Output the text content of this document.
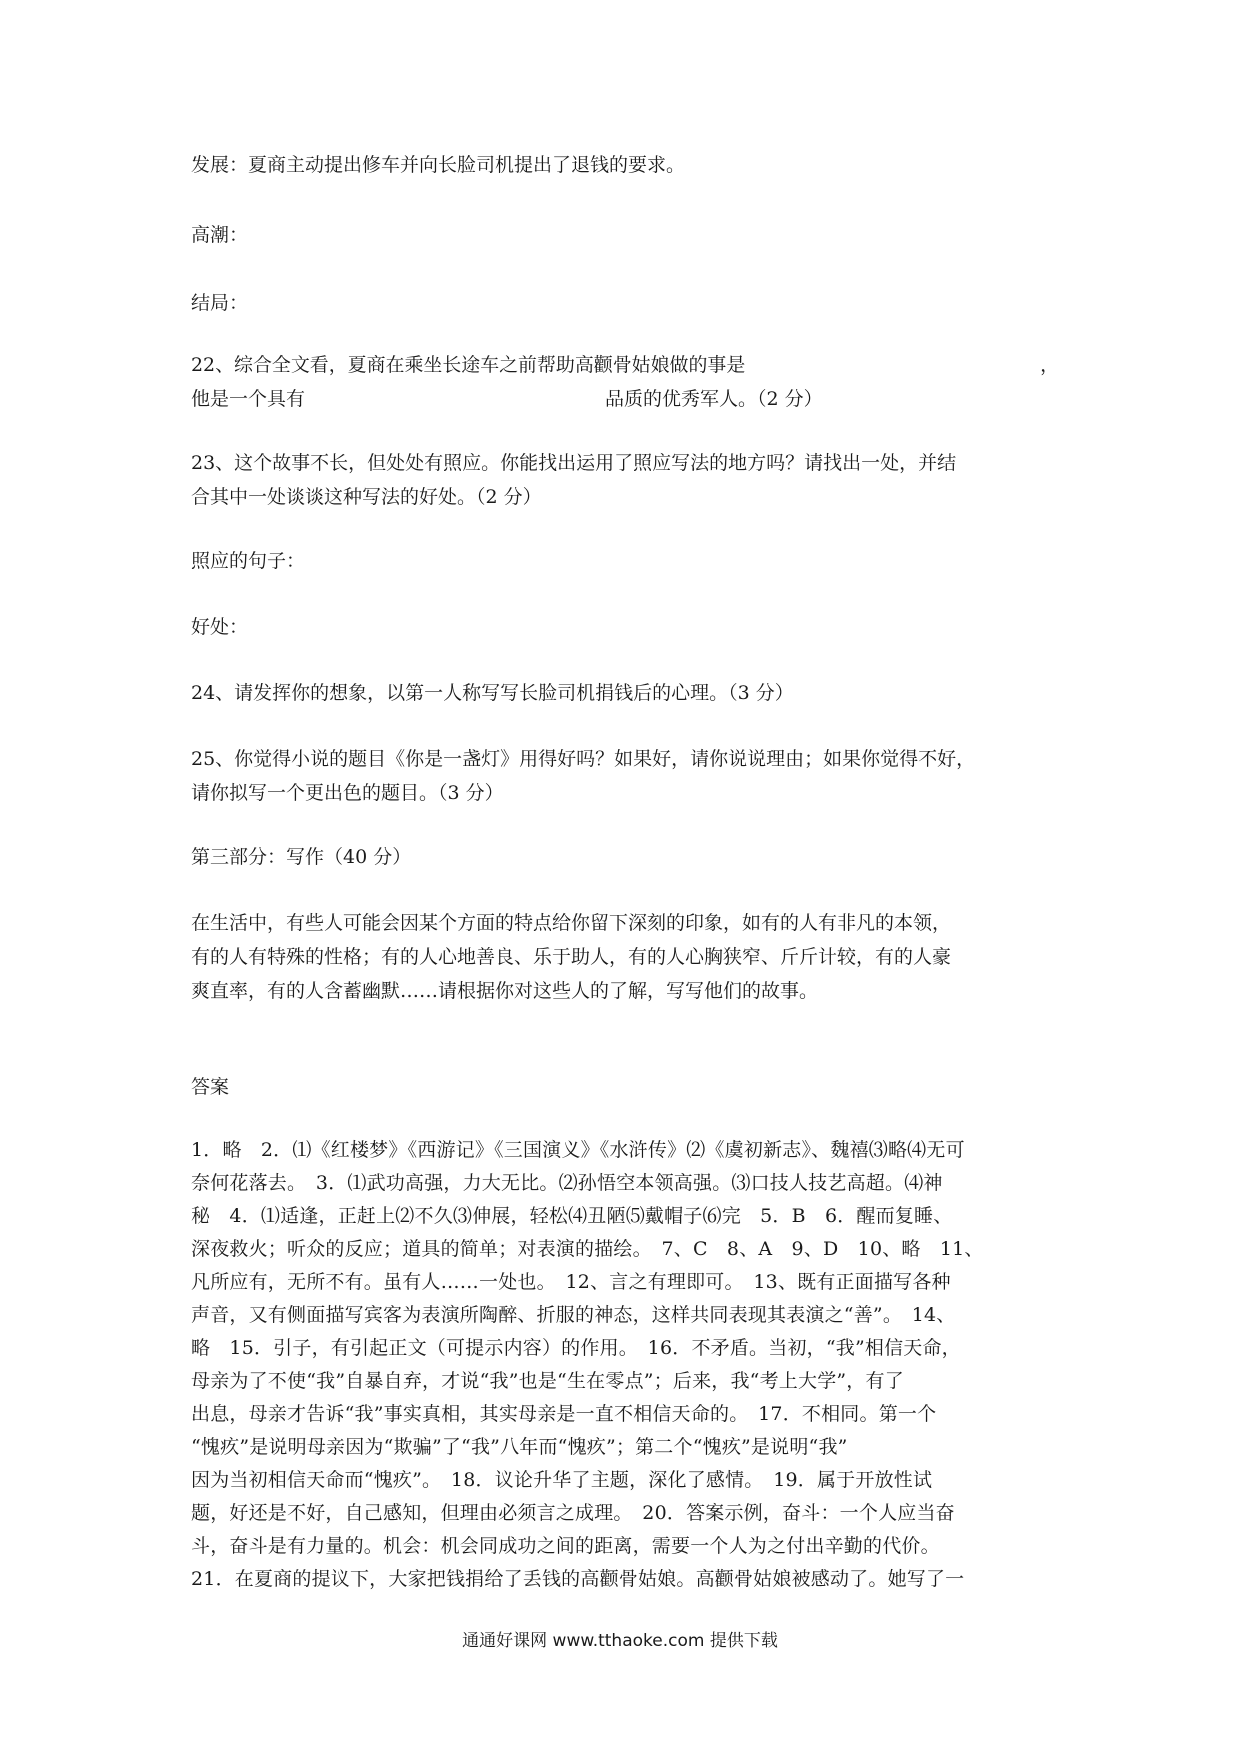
发展：夏商主动提出修车并向长脸司机提出了退钱的要求。
高潮：
结局：
22、综合全文看，夏商在乘坐长途车之前帮助高颧骨姑娘做的事是	，
他是一个具有	品质的优秀军人。（2 分）
23、这个故事不长，但处处有照应。你能找出运用了照应写法的地方吗？请找出一处，并结
合其中一处谈谈这种写法的好处。（2 分）
照应的句子：
好处：
24、请发挥你的想象，以第一人称写写长脸司机捐钱后的心理。（3 分）
25、你觉得小说的题目《你是一盏灯》用得好吗？如果好，请你说说理由；如果你觉得不好，
请你拟写一个更出色的题目。（3 分）
第三部分：写作（40 分）
在生活中，有些人可能会因某个方面的特点给你留下深刻的印象，如有的人有非凡的本领，
有的人有特殊的性格；有的人心地善良、乐于助人，有的人心胸狭窄、斤斤计较，有的人豪
爽直率，有的人含蓄幽默……请根据你对这些人的了解，写写他们的故事。
答案
1．略　2．⑴《红楼梦》《西游记》《三国演义》《水浒传》⑵《虞初新志》、魏禧⑶略⑷无可
奈何花落去。　3．⑴武功高强，力大无比。⑵孙悟空本领高强。⑶口技人技艺高超。⑷神
秘　4．⑴适逢，正赶上⑵不久⑶伸展，轻松⑷丑陋⑸戴帽子⑹完　5．B　6．醒而复睡、
深夜救火；听众的反应；道具的简单；对表演的描绘。　7、C　8、A　9、D　10、略　11、
凡所应有，无所不有。虽有人……一处也。　12、言之有理即可。　13、既有正面描写各种
声音，又有侧面描写宾客为表演所陶醉、折服的神态，这样共同表现其表演之“善”。　14、
略　15．引子，有引起正文（可提示内容）的作用。　16．不矛盾。当初，“我”相信天命，
母亲为了不使“我”自暴自弃，才说“我”也是“生在零点”；后来，我“考上大学”，有了
出息，母亲才告诉“我”事实真相，其实母亲是一直不相信天命的。　17．不相同。第一个
“愧疚”是说明母亲因为“欺骗”了“我”八年而“愧疚”；第二个“愧疚”是说明“我”
因为当初相信天命而“愧疚”。　18．议论升华了主题，深化了感情。　19．属于开放性试
题，好还是不好，自己感知，但理由必须言之成理。　20．答案示例，奋斗：一个人应当奋
斗，奋斗是有力量的。机会：机会同成功之间的距离，需要一个人为之付出辛勤的代价。
21．在夏商的提议下，大家把钱捐给了丢钱的高颧骨姑娘。高颧骨姑娘被感动了。她写了一
通通好课网 www.tthaoke.com 提供下载
